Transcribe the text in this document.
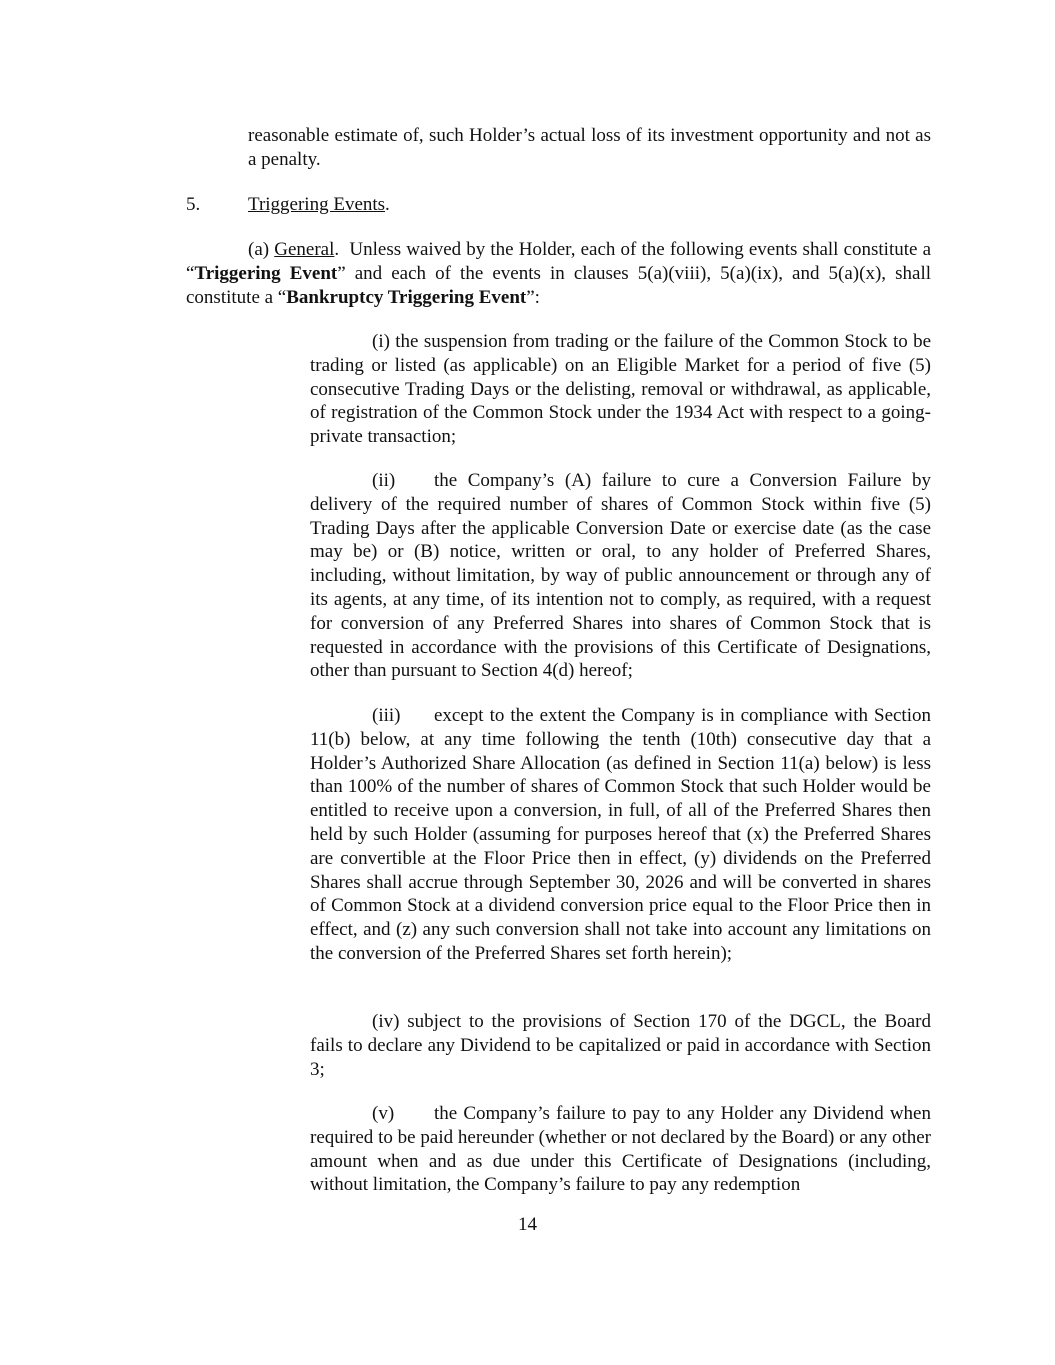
reasonable estimate of, such Holder’s actual loss of its investment opportunity and not as a penalty.

5.	Triggering Events.

(a) General. Unless waived by the Holder, each of the following events shall constitute a “Triggering Event” and each of the events in clauses 5(a)(viii), 5(a)(ix), and 5(a)(x), shall constitute a “Bankruptcy Triggering Event”:

(i) the suspension from trading or the failure of the Common Stock to be trading or listed (as applicable) on an Eligible Market for a period of five (5) consecutive Trading Days or the delisting, removal or withdrawal, as applicable, of registration of the Common Stock under the 1934 Act with respect to a going-private transaction;

(ii) the Company’s (A) failure to cure a Conversion Failure by delivery of the required number of shares of Common Stock within five (5) Trading Days after the applicable Conversion Date or exercise date (as the case may be) or (B) notice, written or oral, to any holder of Preferred Shares, including, without limitation, by way of public announcement or through any of its agents, at any time, of its intention not to comply, as required, with a request for conversion of any Preferred Shares into shares of Common Stock that is requested in accordance with the provisions of this Certificate of Designations, other than pursuant to Section 4(d) hereof;

(iii) except to the extent the Company is in compliance with Section 11(b) below, at any time following the tenth (10th) consecutive day that a Holder’s Authorized Share Allocation (as defined in Section 11(a) below) is less than 100% of the number of shares of Common Stock that such Holder would be entitled to receive upon a conversion, in full, of all of the Preferred Shares then held by such Holder (assuming for purposes hereof that (x) the Preferred Shares are convertible at the Floor Price then in effect, (y) dividends on the Preferred Shares shall accrue through September 30, 2026 and will be converted in shares of Common Stock at a dividend conversion price equal to the Floor Price then in effect, and (z) any such conversion shall not take into account any limitations on the conversion of the Preferred Shares set forth herein);

(iv) subject to the provisions of Section 170 of the DGCL, the Board fails to declare any Dividend to be capitalized or paid in accordance with Section 3;

(v) the Company’s failure to pay to any Holder any Dividend when required to be paid hereunder (whether or not declared by the Board) or any other amount when and as due under this Certificate of Designations (including, without limitation, the Company’s failure to pay any redemption

14
